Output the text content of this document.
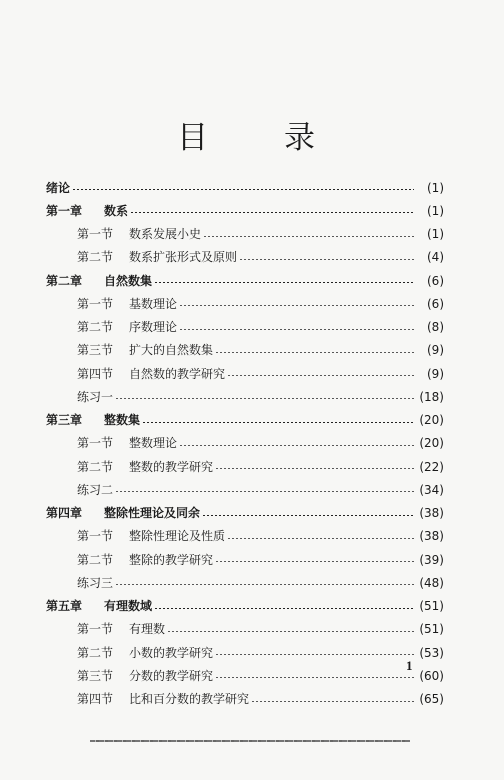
目 录
绪论	(1)
第一章	数系	(1)
第一节	数系发展小史	(1)
第二节	数系扩张形式及原则	(4)
第二章	自然数集	(6)
第一节	基数理论	(6)
第二节	序数理论	(8)
第三节	扩大的自然数集	(9)
第四节	自然数的教学研究	(9)
练习一	(18)
第三章	整数集	(20)
第一节	整数理论	(20)
第二节	整数的教学研究	(22)
练习二	(34)
第四章	整除性理论及同余	(38)
第一节	整除性理论及性质	(38)
第二节	整除的教学研究	(39)
练习三	(48)
第五章	有理数域	(51)
第一节	有理数	(51)
第二节	小数的教学研究	(53)
第三节	分数的教学研究	(60)
第四节	比和百分数的教学研究	(65)
1
